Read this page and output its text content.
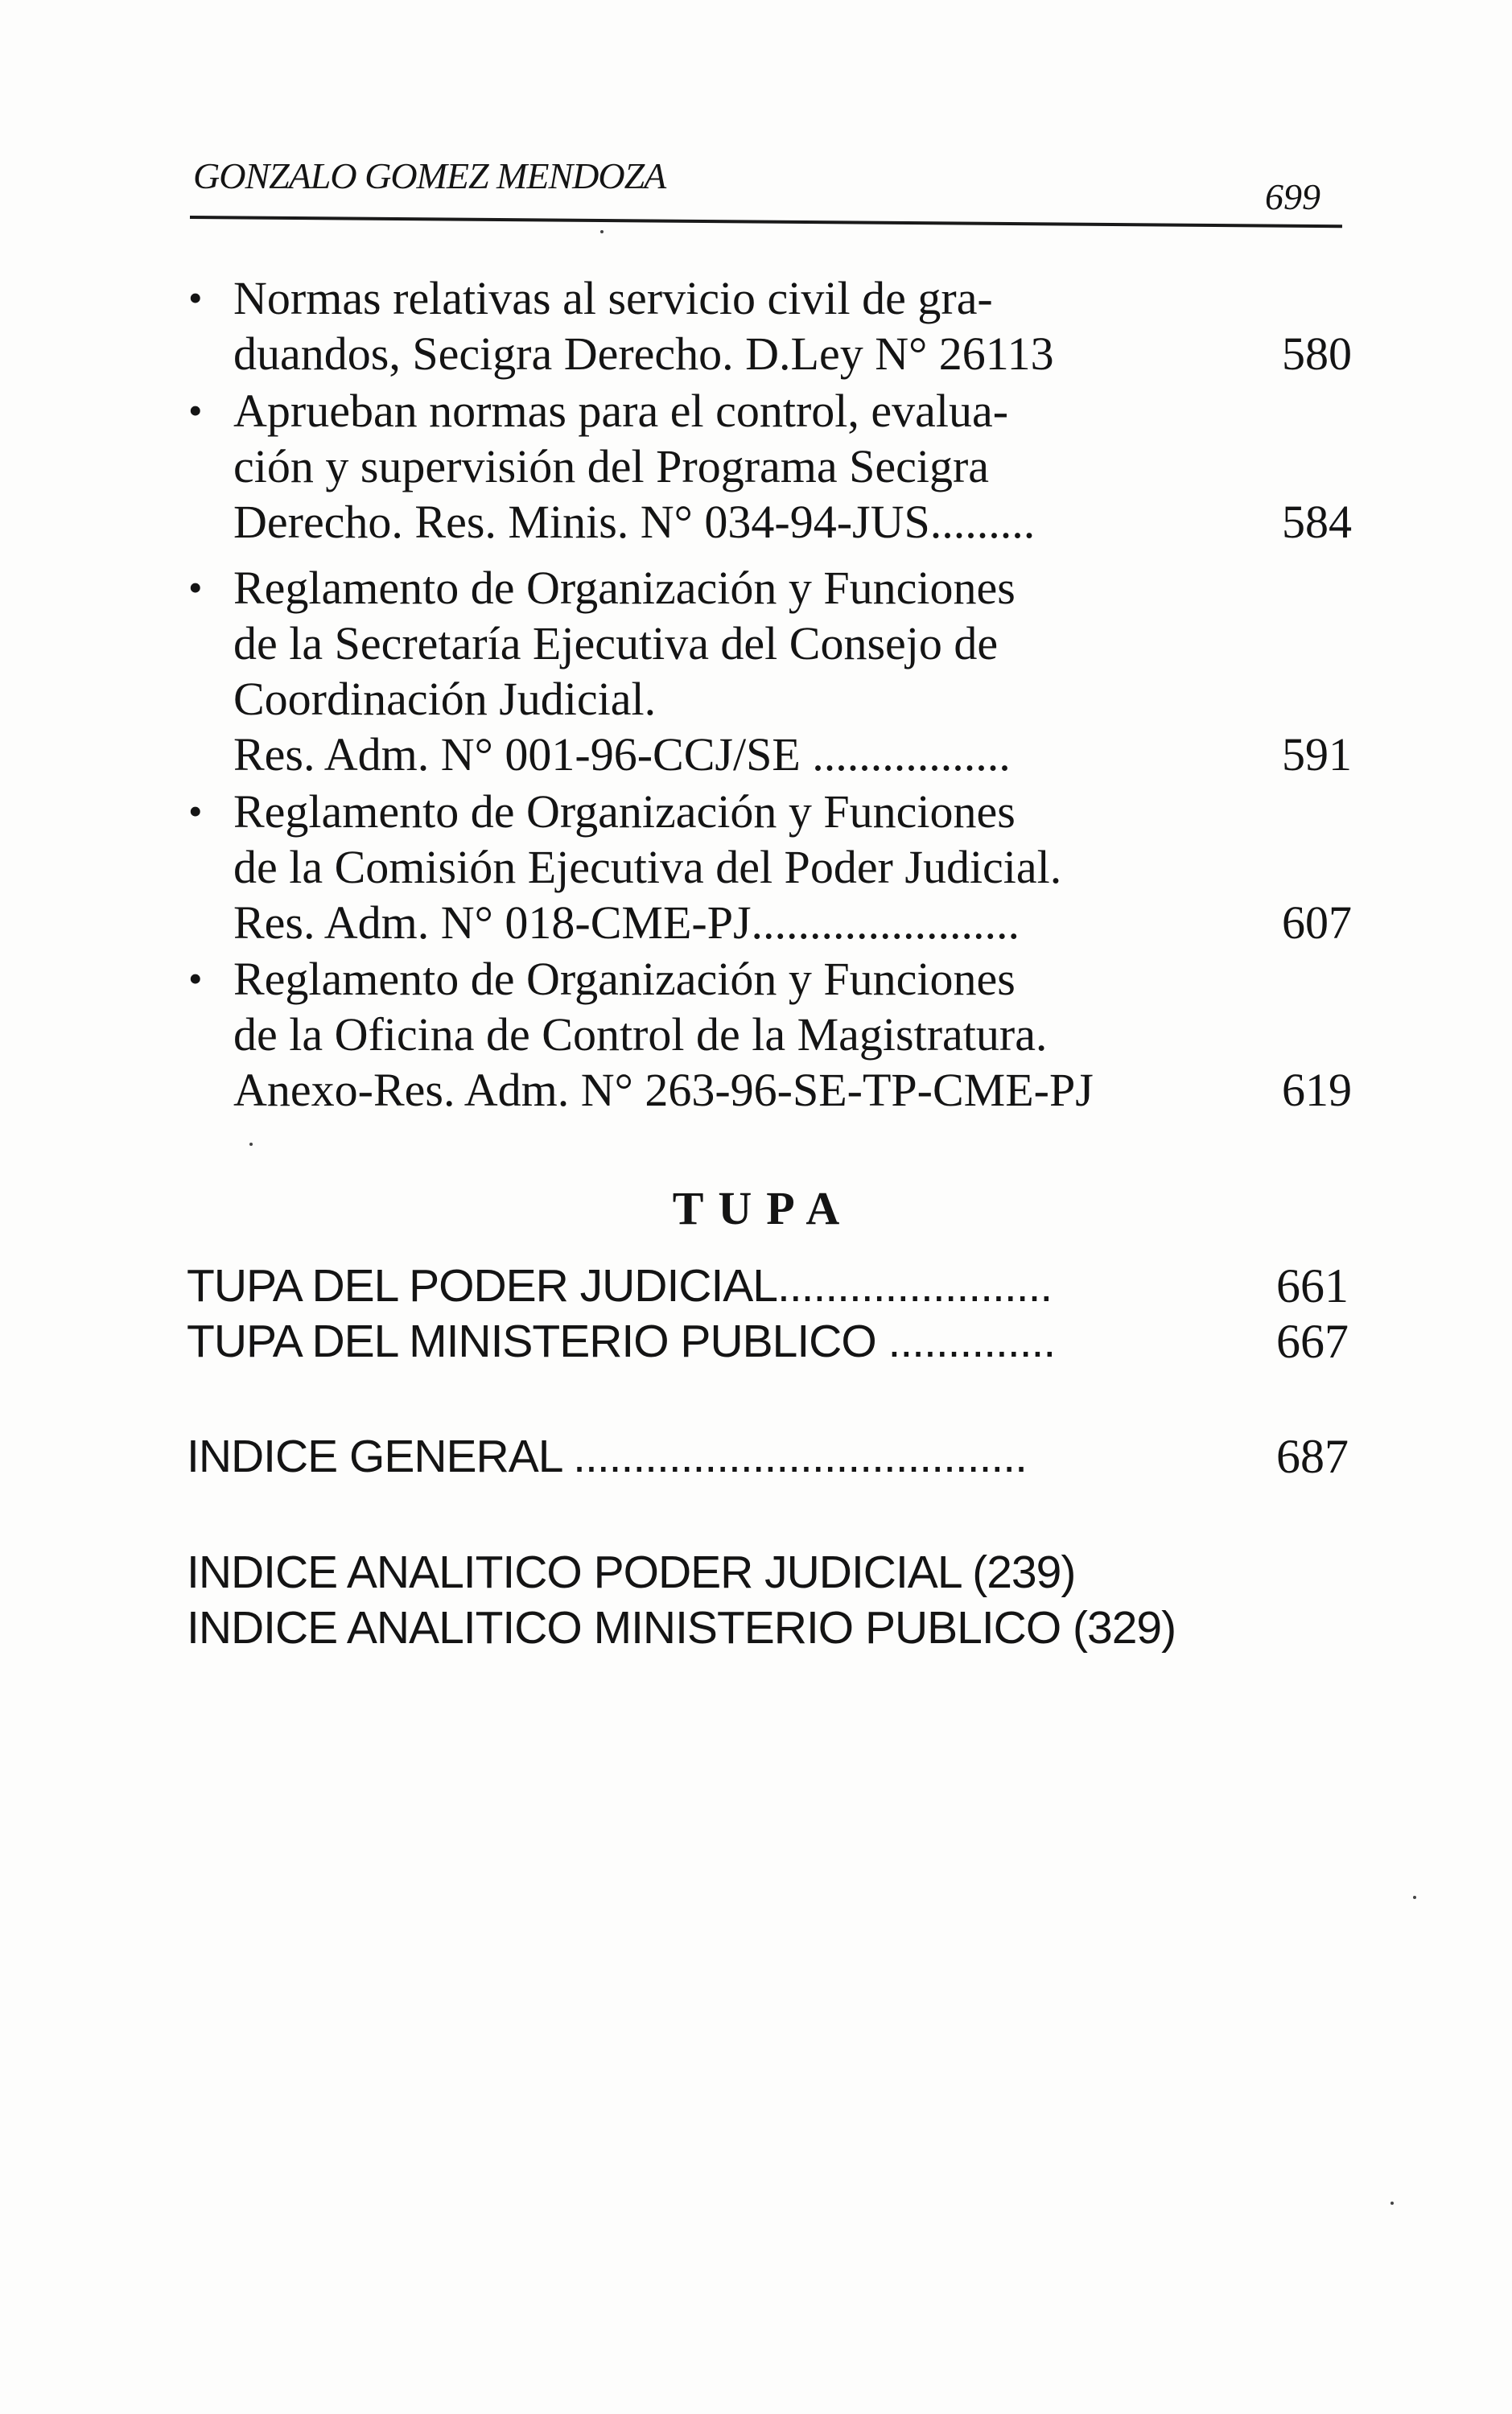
GONZALO GOMEZ MENDOZA
699
• Normas relativas al servicio civil de gra-
duandos, Secigra Derecho. D.Ley N° 26113	580
• Aprueban normas para el control, evalua-
ción y supervisión del Programa Secigra
Derecho. Res. Minis. N° 034-94-JUS.........	584
• Reglamento de Organización y Funciones
de la Secretaría Ejecutiva del Consejo de
Coordinación Judicial.
Res. Adm. N° 001-96-CCJ/SE .................	591
• Reglamento de Organización y Funciones
de la Comisión Ejecutiva del Poder Judicial.
Res. Adm. N° 018-CME-PJ.......................	607
• Reglamento de Organización y Funciones
de la Oficina de Control de la Magistratura.
Anexo-Res. Adm. N° 263-96-SE-TP-CME-PJ	619
TUPA
TUPA DEL PODER JUDICIAL.......................	661
TUPA DEL MINISTERIO PUBLICO ..............	667
INDICE GENERAL ......................................	687
INDICE ANALITICO PODER JUDICIAL (239)
INDICE ANALITICO MINISTERIO PUBLICO (329)
